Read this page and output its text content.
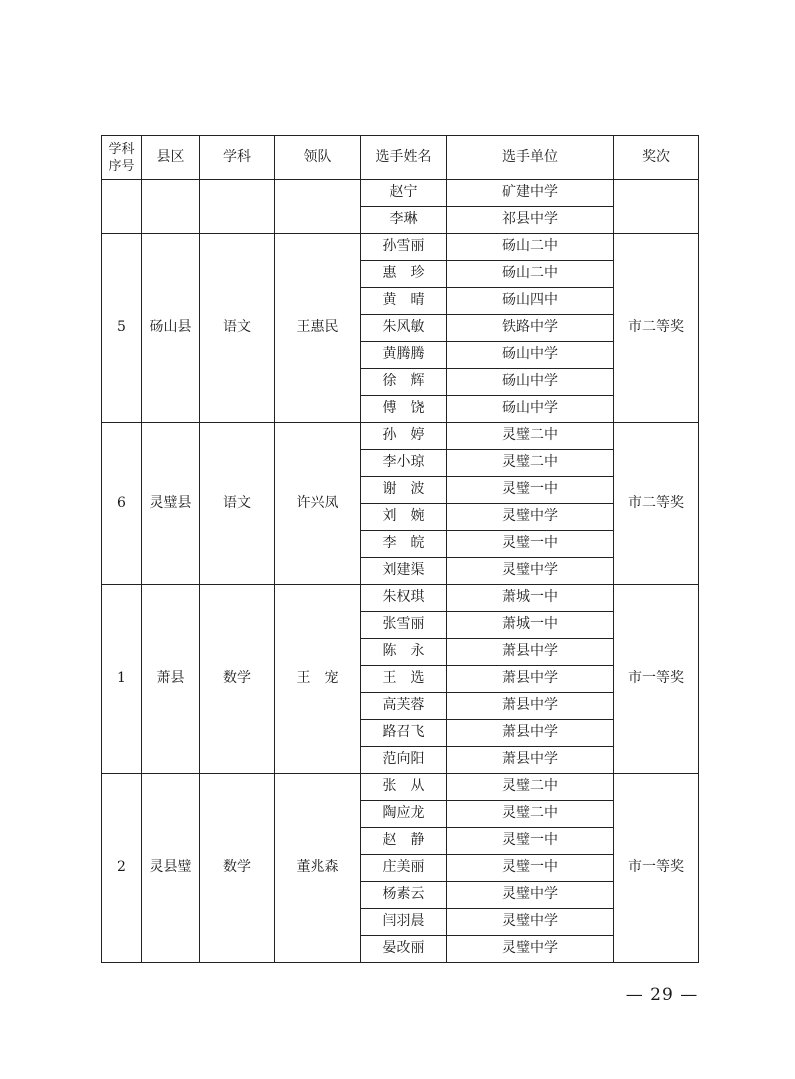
学科
序号	县区	学科	领队	选手姓名	选手单位	奖次
				赵宁	矿建中学	
				李琳	祁县中学	
5	砀山县	语文	王惠民	孙雪丽	砀山二中	市二等奖
				惠　珍	砀山二中	
				黄　晴	砀山四中	
				朱风敏	铁路中学	
				黄腾腾	砀山中学	
				徐　辉	砀山中学	
				傅　饶	砀山中学	
6	灵璧县	语文	许兴凤	孙　婷	灵璧二中	市二等奖
				李小琼	灵璧二中	
				谢　波	灵璧一中	
				刘　婉	灵璧中学	
				李　皖	灵璧一中	
				刘建渠	灵璧中学	
1	萧县	数学	王　宠	朱权琪	萧城一中	市一等奖
				张雪丽	萧城一中	
				陈　永	萧县中学	
				王　选	萧县中学	
				高芙蓉	萧县中学	
				路召飞	萧县中学	
				范向阳	萧县中学	
2	灵县璧	数学	董兆森	张　从	灵璧二中	市一等奖
				陶应龙	灵璧二中	
				赵　静	灵璧一中	
				庄美丽	灵璧一中	
				杨素云	灵璧中学	
				闫羽晨	灵璧中学	
				晏改丽	灵璧中学	
— 29 —
